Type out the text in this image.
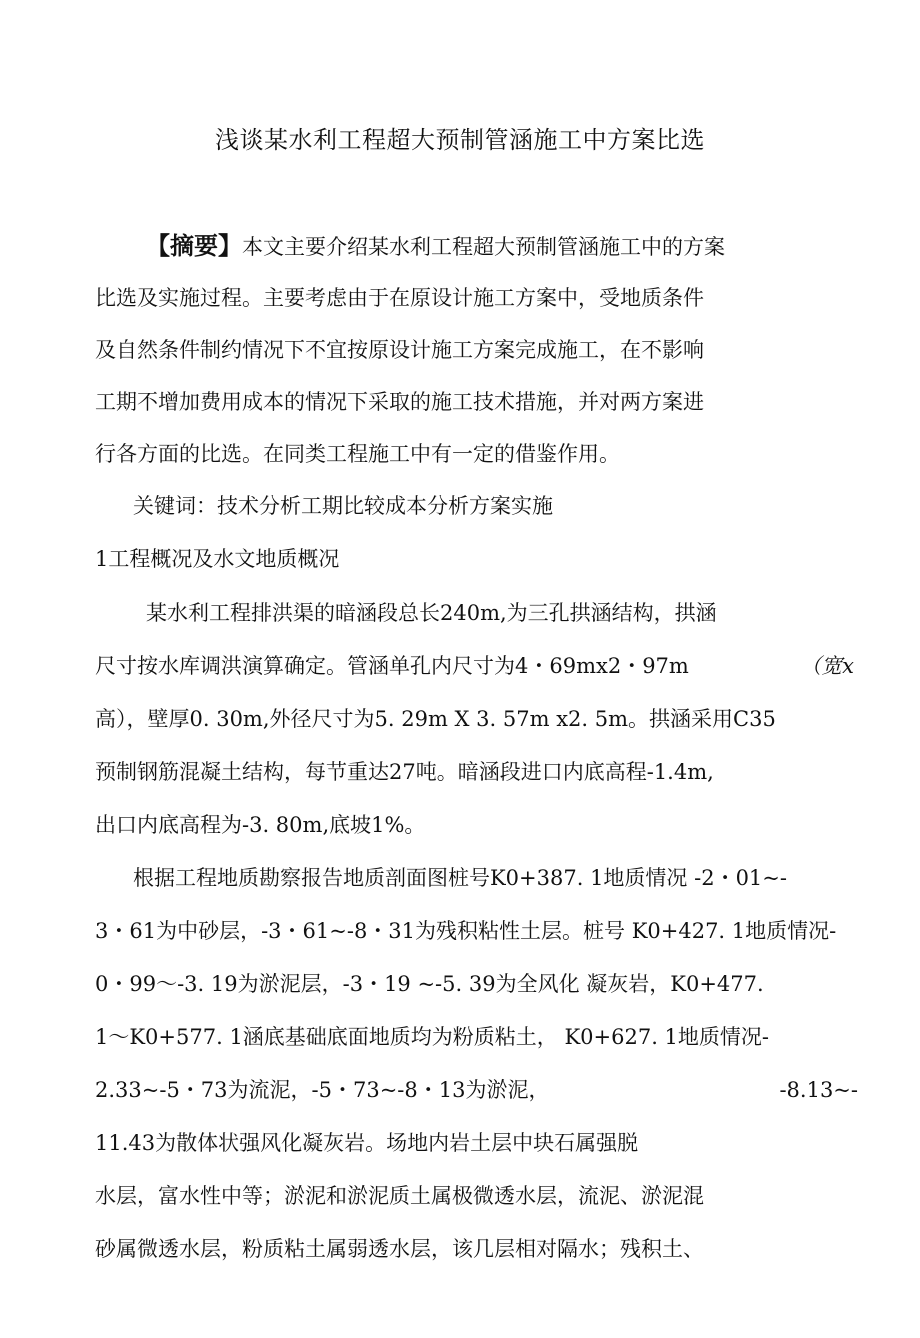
浅谈某水利工程超大预制管涵施工中方案比选
【摘要】本文主要介绍某水利工程超大预制管涵施工中的方案
比选及实施过程。主要考虑由于在原设计施工方案中，受地质条件
及自然条件制约情况下不宜按原设计施工方案完成施工，在不影响
工期不增加费用成本的情况下采取的施工技术措施，并对两方案进
行各方面的比选。在同类工程施工中有一定的借鉴作用。
关键词：技术分析工期比较成本分析方案实施
1工程概况及水文地质概况
某水利工程排洪渠的暗涵段总长240m,为三孔拱涵结构，拱涵
尺寸按水库调洪演算确定。管涵单孔内尺寸为4・69mx2・97m	（宽x
高），壁厚0. 30m,外径尺寸为5. 29m X 3. 57m x2. 5m。拱涵采用C35
预制钢筋混凝土结构，每节重达27吨。暗涵段进口内底高程-1.4m,
出口内底高程为-3. 80m,底坡1%。
根据工程地质勘察报告地质剖面图桩号K0+387. 1地质情况 -2・01~-
3・61为中砂层，-3・61~-8・31为残积粘性土层。桩号 K0+427. 1地质情况-
0・99～-3. 19为淤泥层，-3・19 ~-5. 39为全风化 凝灰岩，K0+477.
1～K0+577. 1涵底基础底面地质均为粉质粘土， K0+627. 1地质情况-
2.33~-5・73为流泥，-5・73~-8・13为淤泥，	-8.13~-
11.43为散体状强风化凝灰岩。场地内岩土层中块石属强脱
水层，富水性中等；淤泥和淤泥质土属极微透水层，流泥、淤泥混
砂属微透水层，粉质粘土属弱透水层，该几层相对隔水；残积土、
